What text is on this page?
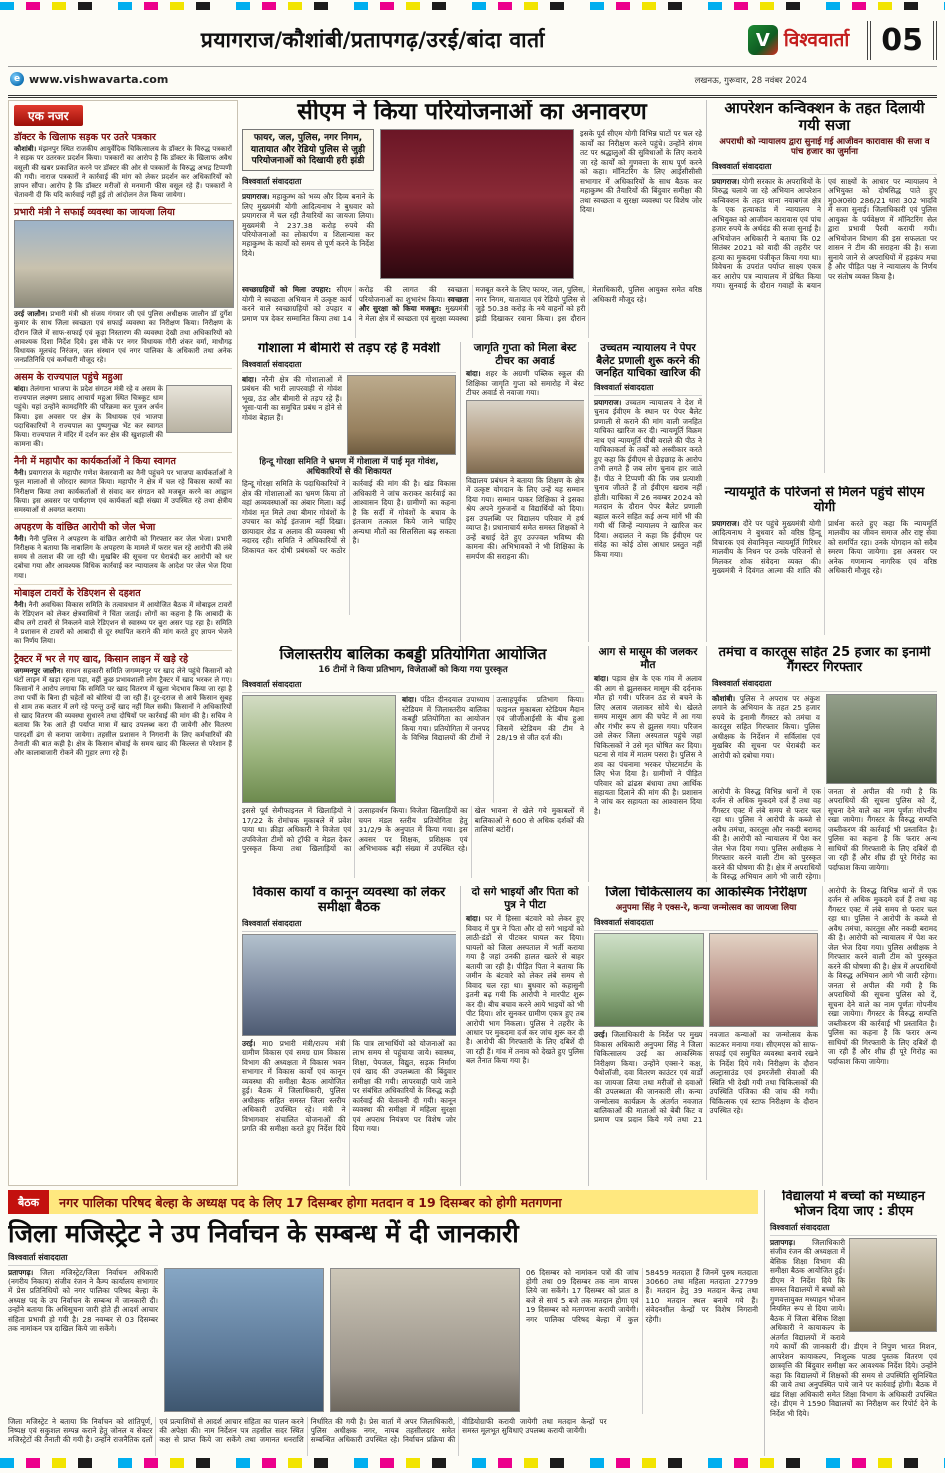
प्रयागराज/कौशांबी/प्रतापगढ़/उरई/बांदा वार्ता	V विश्ववार्ता	05
e www.vishwavarta.com	लखनऊ, गुरूवार, 28 नवंबर 2024
एक नजर
डॉक्टर के खिलाफ सड़क पर उतरे पत्रकार
कौशांबी। मंझनपुर स्थित राजकीय आयुर्वेदिक चिकित्सालय के डॉक्टर के विरुद्ध पत्रकारों ने सड़क पर उतरकर प्रदर्शन किया। पत्रकारों का आरोप है कि डॉक्टर के खिलाफ अवैध वसूली की खबर प्रकाशित करने पर डॉक्टर की ओर से पत्रकारों के विरुद्ध अभद्र टिप्पणी की गयी। नाराज पत्रकारों ने कार्रवाई की मांग को लेकर प्रदर्शन कर अधिकारियों को ज्ञापन सौंपा। आरोप है कि डॉक्टर मरीजों से मनमानी फीस वसूल रहे हैं। पत्रकारों ने चेतावनी दी कि यदि कार्रवाई नहीं हुई तो आंदोलन तेज किया जायेगा।
प्रभारी मंत्री ने सफाई व्यवस्था का जायजा लिया
उरई जालौन। प्रभारी मंत्री श्री संजय गंगवार जी एवं पुलिस अधीक्षक जालौन डॉ दुर्गेश कुमार के साथ जिला स्वच्छता एवं सफाई व्यवस्था का निरीक्षण किया। निरीक्षण के दौरान जिले में साफ-सफाई एवं कूड़ा निस्तारण की व्यवस्था देखी तथा अधिकारियों को आवश्यक दिशा निर्देश दिये। इस मौके पर नगर विधायक गौरी शंकर वर्मा, माधौगढ़ विधायक मूलचंद निरंजन, जल संस्थान एवं नगर पालिका के अधिकारी तथा अनेक जनप्रतिनिधि एवं कर्मचारी मौजूद रहे।
असम के राज्यपाल पहुंचे महुआ
बांदा। तेलंगाना भाजपा के प्रदेश संगठन मंत्री रहे व असम के राज्यपाल लक्ष्मण प्रसाद आचार्य महुआ स्थित चित्रकूट धाम पहुंचे। यहां उन्होंने कामदगिरि की परिक्रमा कर पूजन अर्चन किया। इस अवसर पर क्षेत्र के विधायक एवं भाजपा पदाधिकारियों ने राज्यपाल का पुष्पगुच्छ भेंट कर स्वागत किया। राज्यपाल ने मंदिर में दर्शन कर क्षेत्र की खुशहाली की कामना की।
नैनी में महापौर का कार्यकर्ताओं ने किया स्वागत
नैनी। प्रयागराज के महापौर गणेश केसरवानी का नैनी पहुंचने पर भाजपा कार्यकर्ताओं ने फूल मालाओं से जोरदार स्वागत किया। महापौर ने क्षेत्र में चल रहे विकास कार्यों का निरीक्षण किया तथा कार्यकर्ताओं से संवाद कर संगठन को मजबूत करने का आह्वान किया। इस अवसर पर पार्षदगण एवं कार्यकर्ता बड़ी संख्या में उपस्थित रहे तथा क्षेत्रीय समस्याओं से अवगत कराया।
अपहरण के वांछित आरोपी को जेल भेजा
नैनी। नैनी पुलिस ने अपहरण के वांछित आरोपी को गिरफ्तार कर जेल भेजा। प्रभारी निरीक्षक ने बताया कि नाबालिग के अपहरण के मामले में फरार चल रहे आरोपी की लंबे समय से तलाश की जा रही थी। मुखबिर की सूचना पर घेराबंदी कर आरोपी को धर दबोचा गया और आवश्यक विधिक कार्रवाई कर न्यायालय के आदेश पर जेल भेज दिया गया।
मोबाइल टावरों के रेडिएशन से दहशत
नैनी। नैनी अवधिका विकास समिति के तत्वावधान में आयोजित बैठक में मोबाइल टावरों के रेडिएशन को लेकर क्षेत्रवासियों ने चिंता जताई। लोगों का कहना है कि आबादी के बीच लगे टावरों से निकलने वाले रेडिएशन से स्वास्थ्य पर बुरा असर पड़ रहा है। समिति ने प्रशासन से टावरों को आबादी से दूर स्थापित कराने की मांग करते हुए ज्ञापन भेजने का निर्णय लिया।
ट्रैक्टर में भर ले गए खाद, किसान लाइन में खड़े रहे
जगम्मनपुर जालौन। साधन सहकारी समिति जगम्मनपुर पर खाद लेने पहुंचे किसानों को घंटों लाइन में खड़ा रहना पड़ा, वहीं कुछ प्रभावशाली लोग ट्रैक्टर में खाद भरकर ले गए। किसानों ने आरोप लगाया कि समिति पर खाद वितरण में खुला भेदभाव किया जा रहा है तथा पर्ची के बिना ही चहेतों को बोरियां दी जा रही हैं। दूर-दराज से आये किसान सुबह से शाम तक कतार में लगे रहे परन्तु उन्हें खाद नहीं मिल सकी। किसानों ने अधिकारियों से खाद वितरण की व्यवस्था सुधारने तथा दोषियों पर कार्रवाई की मांग की है। सचिव ने बताया कि रैक आते ही पर्याप्त मात्रा में खाद उपलब्ध करा दी जायेगी और वितरण पारदर्शी ढंग से कराया जायेगा। तहसील प्रशासन ने निगरानी के लिए कर्मचारियों की तैनाती की बात कही है। क्षेत्र के किसान बोवाई के समय खाद की किल्लत से परेशान हैं और कालाबाजारी रोकने की गुहार लगा रहे हैं।
सीएम ने किया परियोजनाओं का अनावरण
फायर, जल, पुलिस, नगर निगम, यातायात और रेडियो पुलिस से जुड़ी परियोजनाओं को दिखायी हरी झंडी
विश्ववार्ता संवाददाता
प्रयागराज। महाकुम्भ को भव्य और दिव्य बनाने के लिए मुख्यमंत्री योगी आदित्यनाथ ने बुधवार को प्रयागराज में चल रही तैयारियों का जायजा लिया। मुख्यमंत्री ने 237.38 करोड़ रुपये की परियोजनाओं का लोकार्पण व शिलान्यास कर महाकुम्भ के कार्यों को समय से पूर्ण करने के निर्देश दिये।
इसके पूर्व सीएम योगी विभिन्न घाटों पर चल रहे कार्यों का निरीक्षण करने पहुंचे। उन्होंने संगम तट पर श्रद्धालुओं की सुविधाओं के लिए कराये जा रहे कार्यों को गुणवत्ता के साथ पूर्ण करने को कहा। मॉनिटरिंग के लिए आईसीसीसी सभागार में अधिकारियों के साथ बैठक कर महाकुम्भ की तैयारियों की बिंदुवार समीक्षा की तथा स्वच्छता व सुरक्षा व्यवस्था पर विशेष जोर दिया।
स्वच्छाग्रहियों को मिला उपहार: सीएम योगी ने स्वच्छता अभियान में उत्कृष्ट कार्य करने वाले स्वच्छाग्रहियों को उपहार व प्रमाण पत्र देकर सम्मानित किया तथा 14 करोड़ की लागत की स्वच्छता परियोजनाओं का शुभारंभ किया। स्वच्छता और सुरक्षा को किया मजबूत: मुख्यमंत्री ने मेला क्षेत्र में स्वच्छता एवं सुरक्षा व्यवस्था मजबूत करने के लिए फायर, जल, पुलिस, नगर निगम, यातायात एवं रेडियो पुलिस से जुड़े 50.38 करोड़ के नये वाहनों को हरी झंडी दिखाकर रवाना किया। इस दौरान मेलाधिकारी, पुलिस आयुक्त समेत वरिष्ठ अधिकारी मौजूद रहे।
आपरेशन कन्विक्शन के तहत दिलायी गयी सजा
अपराधी को न्यायालय द्वारा सुनाई गई आजीवन कारावास की सजा व पांच हजार का जुर्माना
विश्ववार्ता संवाददाता
प्रयागराज। योगी सरकार के अपराधियों के विरुद्ध चलाये जा रहे अभियान आपरेशन कन्विक्शन के तहत थाना नवाबगंज क्षेत्र के एक हत्याकांड में न्यायालय ने अभियुक्त को आजीवन कारावास एवं पांच हजार रुपये के अर्थदंड की सजा सुनाई है। अभियोजन अधिकारी ने बताया कि 02 सितंबर 2021 को वादी की तहरीर पर हत्या का मुकदमा पंजीकृत किया गया था। विवेचना के उपरांत पर्याप्त साक्ष्य एकत्र कर आरोप पत्र न्यायालय में प्रेषित किया गया। सुनवाई के दौरान गवाहों के बयान एवं साक्ष्यों के आधार पर न्यायालय ने अभियुक्त को दोषसिद्ध पाते हुए मु0अ0सं0 286/21 धारा 302 भादवि में सजा सुनाई। जिलाधिकारी एवं पुलिस आयुक्त के पर्यवेक्षण में मॉनिटरिंग सेल द्वारा प्रभावी पैरवी करायी गयी। अभियोजन विभाग की इस सफलता पर शासन ने टीम की सराहना की है। सजा सुनाये जाने से अपराधियों में हड़कंप मचा है और पीड़ित पक्ष ने न्यायालय के निर्णय पर संतोष व्यक्त किया है।
गोशाला में बीमारी से तड़प रहे हैं मवेशी
विश्ववार्ता संवाददाता
बांदा। नरैनी क्षेत्र की गोशालाओं में प्रबंधन की भारी लापरवाही से गोवंश भूख, ठंड और बीमारी से तड़प रहे हैं। भूसा-पानी का समुचित प्रबंध न होने से गोवंश बेहाल हैं।
हिन्दू गोरक्षा समिति ने भ्रमण में गोशाला में पाई मृत गोवंश, अधिकारियों से की शिकायत
हिन्दू गोरक्षा समिति के पदाधिकारियों ने क्षेत्र की गोशालाओं का भ्रमण किया तो वहां अव्यवस्थाओं का अंबार मिला। कई गोवंश मृत मिले तथा बीमार गोवंशों के उपचार का कोई इंतजाम नहीं दिखा। छायादार शेड व अलाव की व्यवस्था भी नदारद रही। समिति ने अधिकारियों से शिकायत कर दोषी प्रबंधकों पर कठोर कार्रवाई की मांग की है। खंड विकास अधिकारी ने जांच कराकर कार्रवाई का आश्वासन दिया है। ग्रामीणों का कहना है कि सर्दी में गोवंशों के बचाव के इंतजाम तत्काल किये जाने चाहिए अन्यथा मौतों का सिलसिला बढ़ सकता है।
जागृति गुप्ता को मिला बेस्ट टीचर का अवार्ड
बांदा। शहर के अग्रणी पब्लिक स्कूल की शिक्षिका जागृति गुप्ता को समारोह में बेस्ट टीचर अवार्ड से नवाजा गया।
विद्यालय प्रबंधन ने बताया कि शिक्षण के क्षेत्र में उत्कृष्ट योगदान के लिए उन्हें यह सम्मान दिया गया। सम्मान पाकर शिक्षिका ने इसका श्रेय अपने गुरुजनों व विद्यार्थियों को दिया। इस उपलब्धि पर विद्यालय परिवार में हर्ष व्याप्त है। प्रधानाचार्य समेत समस्त शिक्षकों ने उन्हें बधाई देते हुए उज्ज्वल भविष्य की कामना की। अभिभावकों ने भी शिक्षिका के समर्पण की सराहना की।
उच्चतम न्यायालय ने पेपर बैलेट प्रणाली शुरू करने की जनहित याचिका खारिज की
विश्ववार्ता संवाददाता
प्रयागराज। उच्चतम न्यायालय ने देश में चुनाव ईवीएम के स्थान पर पेपर बैलेट प्रणाली से कराने की मांग वाली जनहित याचिका खारिज कर दी। न्यायमूर्ति विक्रम नाथ एवं न्यायमूर्ति पीबी वराले की पीठ ने याचिकाकर्ता के तर्कों को अस्वीकार करते हुए कहा कि ईवीएम से छेड़छाड़ के आरोप तभी लगते हैं जब लोग चुनाव हार जाते हैं। पीठ ने टिप्पणी की कि जब प्रत्याशी चुनाव जीतते हैं तो ईवीएम खराब नहीं होती। याचिका में 26 नवम्बर 2024 को मतदान के दौरान पेपर बैलेट प्रणाली बहाल करने सहित कई अन्य मांगें भी की गयी थीं जिन्हें न्यायालय ने खारिज कर दिया। अदालत ने कहा कि ईवीएम पर संदेह का कोई ठोस आधार प्रस्तुत नहीं किया गया।
न्यायमूर्ति के परिजनों से मिलने पहुंचे सीएम योगी
प्रयागराज। दौरे पर पहुंचे मुख्यमंत्री योगी आदित्यनाथ ने बुधवार को वरिष्ठ हिन्दू विचारक एवं सेवानिवृत्त न्यायमूर्ति गिरिधर मालवीय के निधन पर उनके परिजनों से मिलकर शोक संवेदना व्यक्त की। मुख्यमंत्री ने दिवंगत आत्मा की शांति की प्रार्थना करते हुए कहा कि न्यायमूर्ति मालवीय का जीवन समाज और राष्ट्र सेवा को समर्पित रहा। उनके योगदान को सदैव स्मरण किया जायेगा। इस अवसर पर अनेक गणमान्य नागरिक एवं वरिष्ठ अधिकारी मौजूद रहे।
जिलास्तरीय बालिका कबड्डी प्रतियोगिता आयोजित
16 टीमों ने किया प्रतिभाग, विजेताओं को किया गया पुरस्कृत
विश्ववार्ता संवाददाता
बांदा। पंडित दीनदयाल उपाध्याय स्टेडियम में जिलास्तरीय बालिका कबड्डी प्रतियोगिता का आयोजन किया गया। प्रतियोगिता में जनपद के विभिन्न विद्यालयों की टीमों ने उत्साहपूर्वक प्रतिभाग किया। फाइनल मुकाबला स्टेडियम मैदान एवं जीजीआईसी के बीच हुआ जिसमें स्टेडियम की टीम ने 28/19 से जीत दर्ज की।
इससे पूर्व सेमीफाइनल में खिलाड़ियों ने 17/22 के रोमांचक मुकाबले में प्रवेश पाया था। क्रीड़ा अधिकारी ने विजेता एवं उपविजेता टीमों को ट्रॉफी व मेडल देकर पुरस्कृत किया तथा खिलाड़ियों का उत्साहवर्धन किया। विजेता खिलाड़ियों का चयन मंडल स्तरीय प्रतियोगिता हेतु 31/2/9 के अनुपात में किया गया। इस अवसर पर शिक्षक, प्रशिक्षक एवं अभिभावक बड़ी संख्या में उपस्थित रहे। खेल भावना से खेले गये मुकाबलों में बालिकाओं ने 600 से अधिक दर्शकों की तालियां बटोरीं।
आग से मासूम की जलकर मौत
बांदा। पड़ाव क्षेत्र के एक गांव में अलाव की आग से झुलसकर मासूम की दर्दनाक मौत हो गयी। परिजन ठंड से बचने के लिए अलाव जलाकर सोये थे। खेलते समय मासूम आग की चपेट में आ गया और गंभीर रूप से झुलस गया। परिजन उसे लेकर जिला अस्पताल पहुंचे जहां चिकित्सकों ने उसे मृत घोषित कर दिया। घटना से गांव में मातम पसरा है। पुलिस ने शव का पंचनामा भरकर पोस्टमार्टम के लिए भेज दिया है। ग्रामीणों ने पीड़ित परिवार को ढांढस बंधाया तथा आर्थिक सहायता दिलाने की मांग की है। प्रशासन ने जांच कर सहायता का आश्वासन दिया है।
तमंचा व कारतूस सहित 25 हजार का इनामी गैंगस्टर गिरफ्तार
विश्ववार्ता संवाददाता
कौशांबी। पुलिस ने अपराध पर अंकुश लगाने के अभियान के तहत 25 हजार रुपये के इनामी गैंगस्टर को तमंचा व कारतूस सहित गिरफ्तार किया। पुलिस अधीक्षक के निर्देशन में सर्विलांस एवं मुखबिर की सूचना पर घेराबंदी कर आरोपी को दबोचा गया।
आरोपी के विरुद्ध विभिन्न थानों में एक दर्जन से अधिक मुकदमे दर्ज हैं तथा वह गैंगस्टर एक्ट में लंबे समय से फरार चल रहा था। पुलिस ने आरोपी के कब्जे से अवैध तमंचा, कारतूस और नकदी बरामद की है। आरोपी को न्यायालय में पेश कर जेल भेज दिया गया। पुलिस अधीक्षक ने गिरफ्तार करने वाली टीम को पुरस्कृत करने की घोषणा की है। क्षेत्र में अपराधियों के विरुद्ध अभियान आगे भी जारी रहेगा। जनता से अपील की गयी है कि अपराधियों की सूचना पुलिस को दें, सूचना देने वाले का नाम पूर्णतः गोपनीय रखा जायेगा। गैंगस्टर के विरुद्ध सम्पत्ति जब्तीकरण की कार्रवाई भी प्रस्तावित है। पुलिस का कहना है कि फरार अन्य साथियों की गिरफ्तारी के लिए दबिशें दी जा रही हैं और शीघ्र ही पूरे गिरोह का पर्दाफाश किया जायेगा।
विकास कार्यों व कानून व्यवस्था को लेकर समीक्षा बैठक
विश्ववार्ता संवाददाता
उरई। मा0 प्रभारी मंत्री/राज्य मंत्री ग्रामीण विकास एवं समग्र ग्राम विकास विभाग की अध्यक्षता में विकास भवन सभागार में विकास कार्यों एवं कानून व्यवस्था की समीक्षा बैठक आयोजित हुई। बैठक में जिलाधिकारी, पुलिस अधीक्षक सहित समस्त जिला स्तरीय अधिकारी उपस्थित रहे। मंत्री ने विभागवार संचालित योजनाओं की प्रगति की समीक्षा करते हुए निर्देश दिये कि पात्र लाभार्थियों को योजनाओं का लाभ समय से पहुंचाया जाये। स्वास्थ्य, शिक्षा, पेयजल, विद्युत, सड़क निर्माण एवं खाद की उपलब्धता की बिंदुवार समीक्षा की गयी। लापरवाही पाये जाने पर संबंधित अधिकारियों के विरुद्ध कड़ी कार्रवाई की चेतावनी दी गयी। कानून व्यवस्था की समीक्षा में महिला सुरक्षा एवं अपराध नियंत्रण पर विशेष जोर दिया गया।
दो सगे भाइयों और पिता को पुत्र ने पीटा
बांदा। घर में हिस्सा बंटवारे को लेकर हुए विवाद में पुत्र ने पिता और दो सगे भाइयों को लाठी-डंडों से पीटकर घायल कर दिया। घायलों को जिला अस्पताल में भर्ती कराया गया है जहां उनकी हालत खतरे से बाहर बतायी जा रही है। पीड़ित पिता ने बताया कि जमीन के बंटवारे को लेकर लंबे समय से विवाद चल रहा था। बुधवार को कहासुनी इतनी बढ़ गयी कि आरोपी ने मारपीट शुरू कर दी। बीच बचाव करने आये भाइयों को भी पीट दिया। शोर सुनकर ग्रामीण एकत्र हुए तब आरोपी भाग निकला। पुलिस ने तहरीर के आधार पर मुकदमा दर्ज कर जांच शुरू कर दी है। आरोपी की गिरफ्तारी के लिए दबिशें दी जा रही हैं। गांव में तनाव को देखते हुए पुलिस बल तैनात किया गया है।
जिला चिकित्सालय का आकस्मिक निरीक्षण
अनुपमा सिंह ने एक्स-रे, कन्या जन्मोत्सव का जायजा लिया
विश्ववार्ता संवाददाता
उरई। जिलाधिकारी के निर्देश पर मुख्य विकास अधिकारी अनुपमा सिंह ने जिला चिकित्सालय उरई का आकस्मिक निरीक्षण किया। उन्होंने एक्स-रे कक्ष, पैथोलॉजी, दवा वितरण काउंटर एवं वार्डों का जायजा लिया तथा मरीजों से दवाओं की उपलब्धता की जानकारी ली। कन्या जन्मोत्सव कार्यक्रम के अंतर्गत नवजात बालिकाओं की माताओं को बेबी किट व प्रमाण पत्र प्रदान किये गये तथा 21 नवजात कन्याओं का जन्मोत्सव केक काटकर मनाया गया। सीएमएस को साफ-सफाई एवं समुचित व्यवस्था बनाये रखने के निर्देश दिये गये। निरीक्षण के दौरान अल्ट्रासाउंड एवं इमरजेंसी सेवाओं की स्थिति भी देखी गयी तथा चिकित्सकों की उपस्थिति पंजिका की जांच की गयी। चिकित्सक एवं स्टाफ निरीक्षण के दौरान उपस्थित रहे।
आरोपी के विरुद्ध विभिन्न थानों में एक दर्जन से अधिक मुकदमे दर्ज हैं तथा वह गैंगस्टर एक्ट में लंबे समय से फरार चल रहा था। पुलिस ने आरोपी के कब्जे से अवैध तमंचा, कारतूस और नकदी बरामद की है। आरोपी को न्यायालय में पेश कर जेल भेज दिया गया। पुलिस अधीक्षक ने गिरफ्तार करने वाली टीम को पुरस्कृत करने की घोषणा की है। क्षेत्र में अपराधियों के विरुद्ध अभियान आगे भी जारी रहेगा। जनता से अपील की गयी है कि अपराधियों की सूचना पुलिस को दें, सूचना देने वाले का नाम पूर्णतः गोपनीय रखा जायेगा। गैंगस्टर के विरुद्ध सम्पत्ति जब्तीकरण की कार्रवाई भी प्रस्तावित है। पुलिस का कहना है कि फरार अन्य साथियों की गिरफ्तारी के लिए दबिशें दी जा रही हैं और शीघ्र ही पूरे गिरोह का पर्दाफाश किया जायेगा।
बैठक	नगर पालिका परिषद बेल्हा के अध्यक्ष पद के लिए 17 दिसम्बर होगा मतदान व 19 दिसम्बर को होगी मतगणना
जिला मजिस्ट्रेट ने उप निर्वाचन के सम्बन्ध में दी जानकारी
विश्ववार्ता संवाददाता
प्रतापगढ़। जिला मजिस्ट्रेट/जिला निर्वाचन अधिकारी (नगरीय निकाय) संजीव रंजन ने कैम्प कार्यालय सभागार में प्रेस प्रतिनिधियों को नगर पालिका परिषद बेल्हा के अध्यक्ष पद के उप निर्वाचन के सम्बन्ध में जानकारी दी। उन्होंने बताया कि अधिसूचना जारी होते ही आदर्श आचार संहिता प्रभावी हो गयी है। 28 नवम्बर से 03 दिसम्बर तक नामांकन पत्र दाखिल किये जा सकेंगे।
06 दिसम्बर को नामांकन पत्रों की जांच होगी तथा 09 दिसम्बर तक नाम वापस लिये जा सकेंगे। 17 दिसम्बर को प्रातः 8 बजे से सायं 5 बजे तक मतदान होगा एवं 19 दिसम्बर को मतगणना करायी जायेगी। नगर पालिका परिषद बेल्हा में कुल 58459 मतदाता हैं जिनमें पुरुष मतदाता 30660 तथा महिला मतदाता 27799 हैं। मतदान हेतु 39 मतदान केन्द्र तथा 110 मतदान स्थल बनाये गये हैं। संवेदनशील केन्द्रों पर विशेष निगरानी रहेगी।
जिला मजिस्ट्रेट ने बताया कि निर्वाचन को शांतिपूर्ण, निष्पक्ष एवं सकुशल सम्पन्न कराने हेतु जोनल व सेक्टर मजिस्ट्रेटों की तैनाती की गयी है। उन्होंने राजनैतिक दलों एवं प्रत्याशियों से आदर्श आचार संहिता का पालन करने की अपेक्षा की। नाम निर्देशन पत्र तहसील सदर स्थित कक्ष से प्राप्त किये जा सकेंगे तथा जमानत धनराशि निर्धारित की गयी है। प्रेस वार्ता में अपर जिलाधिकारी, पुलिस अधीक्षक नगर, नायब तहसीलदार समेत सम्बन्धित अधिकारी उपस्थित रहे। निर्वाचन प्रक्रिया की वीडियोग्राफी करायी जायेगी तथा मतदान केन्द्रों पर समस्त मूलभूत सुविधाएं उपलब्ध करायी जायेंगी।
विद्यालयों में बच्चों को मध्याहन भोजन दिया जाए : डीएम
विश्ववार्ता संवाददाता
प्रतापगढ़। जिलाधिकारी संजीव रंजन की अध्यक्षता में बेसिक शिक्षा विभाग की समीक्षा बैठक आयोजित हुई। डीएम ने निर्देश दिये कि समस्त विद्यालयों में बच्चों को गुणवत्तायुक्त मध्याहन भोजन नियमित रूप से दिया जाये। बैठक में जिला बेसिक शिक्षा अधिकारी ने कायाकल्प के अंतर्गत विद्यालयों में कराये गये कार्यों की जानकारी दी। डीएम ने निपुण भारत मिशन, आपरेशन कायाकल्प, निःशुल्क पाठ्य पुस्तक वितरण एवं छात्रवृत्ति की बिंदुवार समीक्षा कर आवश्यक निर्देश दिये। उन्होंने कहा कि विद्यालयों में शिक्षकों की समय से उपस्थिति सुनिश्चित की जाये तथा अनुपस्थित पाये जाने पर कार्रवाई होगी। बैठक में खंड शिक्षा अधिकारी समेत शिक्षा विभाग के अधिकारी उपस्थित रहे। डीएम ने 1590 विद्यालयों का निरीक्षण कर रिपोर्ट देने के निर्देश भी दिये।
